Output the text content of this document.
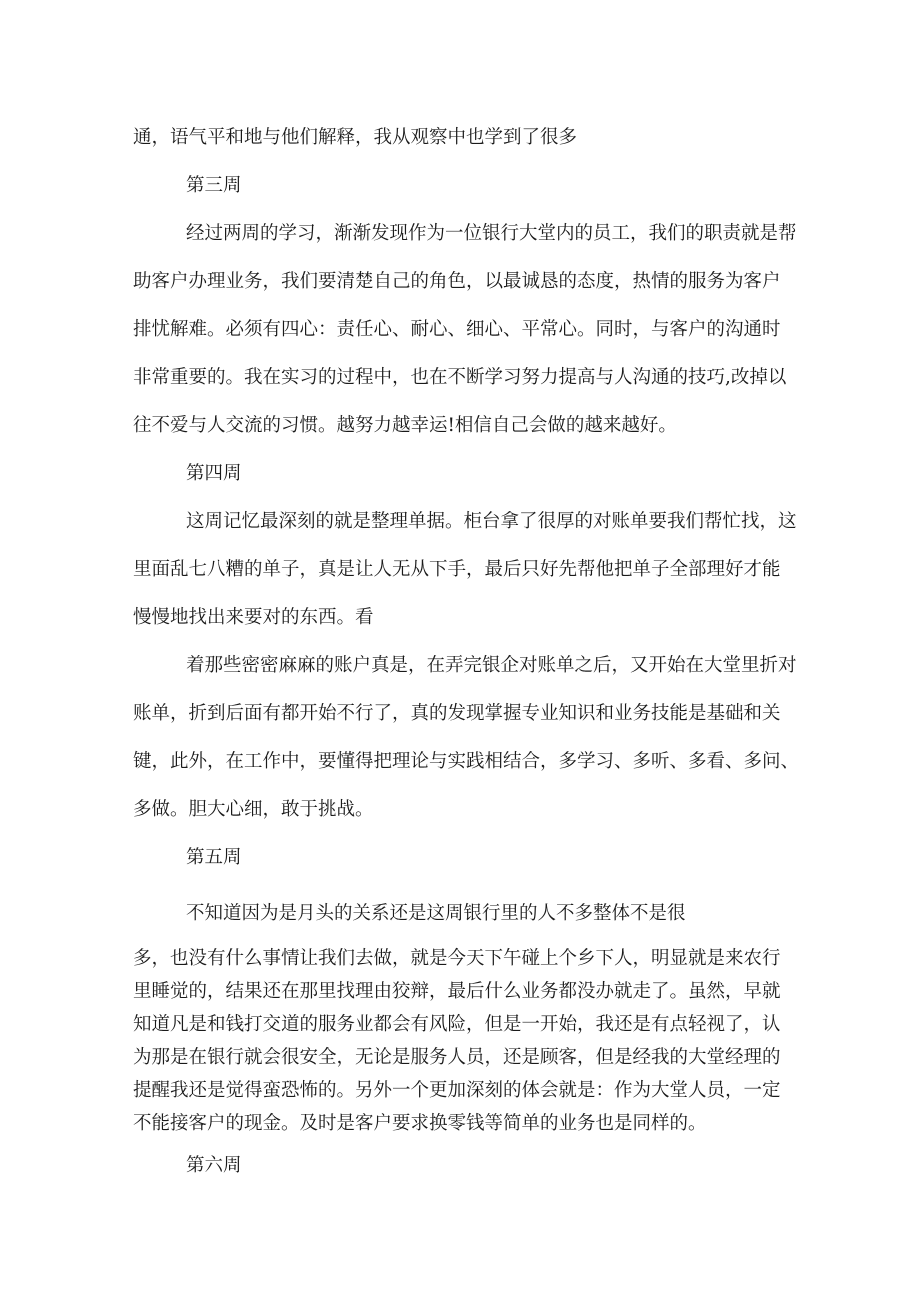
通，语气平和地与他们解释，我从观察中也学到了很多
第三周
经过两周的学习，渐渐发现作为一位银行大堂内的员工，我们的职责就是帮
助客户办理业务，我们要清楚自己的角色，以最诚恳的态度，热情的服务为客户
排忧解难。必须有四心：责任心、耐心、细心、平常心。同时，与客户的沟通时
非常重要的。我在实习的过程中，也在不断学习努力提高与人沟通的技巧,改掉以
往不爱与人交流的习惯。越努力越幸运!相信自己会做的越来越好。
第四周
这周记忆最深刻的就是整理单据。柜台拿了很厚的对账单要我们帮忙找，这
里面乱七八糟的单子，真是让人无从下手，最后只好先帮他把单子全部理好才能
慢慢地找出来要对的东西。看
着那些密密麻麻的账户真是，在弄完银企对账单之后，又开始在大堂里折对
账单，折到后面有都开始不行了，真的发现掌握专业知识和业务技能是基础和关
键，此外，在工作中，要懂得把理论与实践相结合，多学习、多听、多看、多问、
多做。胆大心细，敢于挑战。
第五周
不知道因为是月头的关系还是这周银行里的人不多整体不是很
多，也没有什么事情让我们去做，就是今天下午碰上个乡下人，明显就是来农行
里睡觉的，结果还在那里找理由狡辩，最后什么业务都没办就走了。虽然，早就
知道凡是和钱打交道的服务业都会有风险，但是一开始，我还是有点轻视了，认
为那是在银行就会很安全，无论是服务人员，还是顾客，但是经我的大堂经理的
提醒我还是觉得蛮恐怖的。另外一个更加深刻的体会就是：作为大堂人员，一定
不能接客户的现金。及时是客户要求换零钱等简单的业务也是同样的。
第六周
